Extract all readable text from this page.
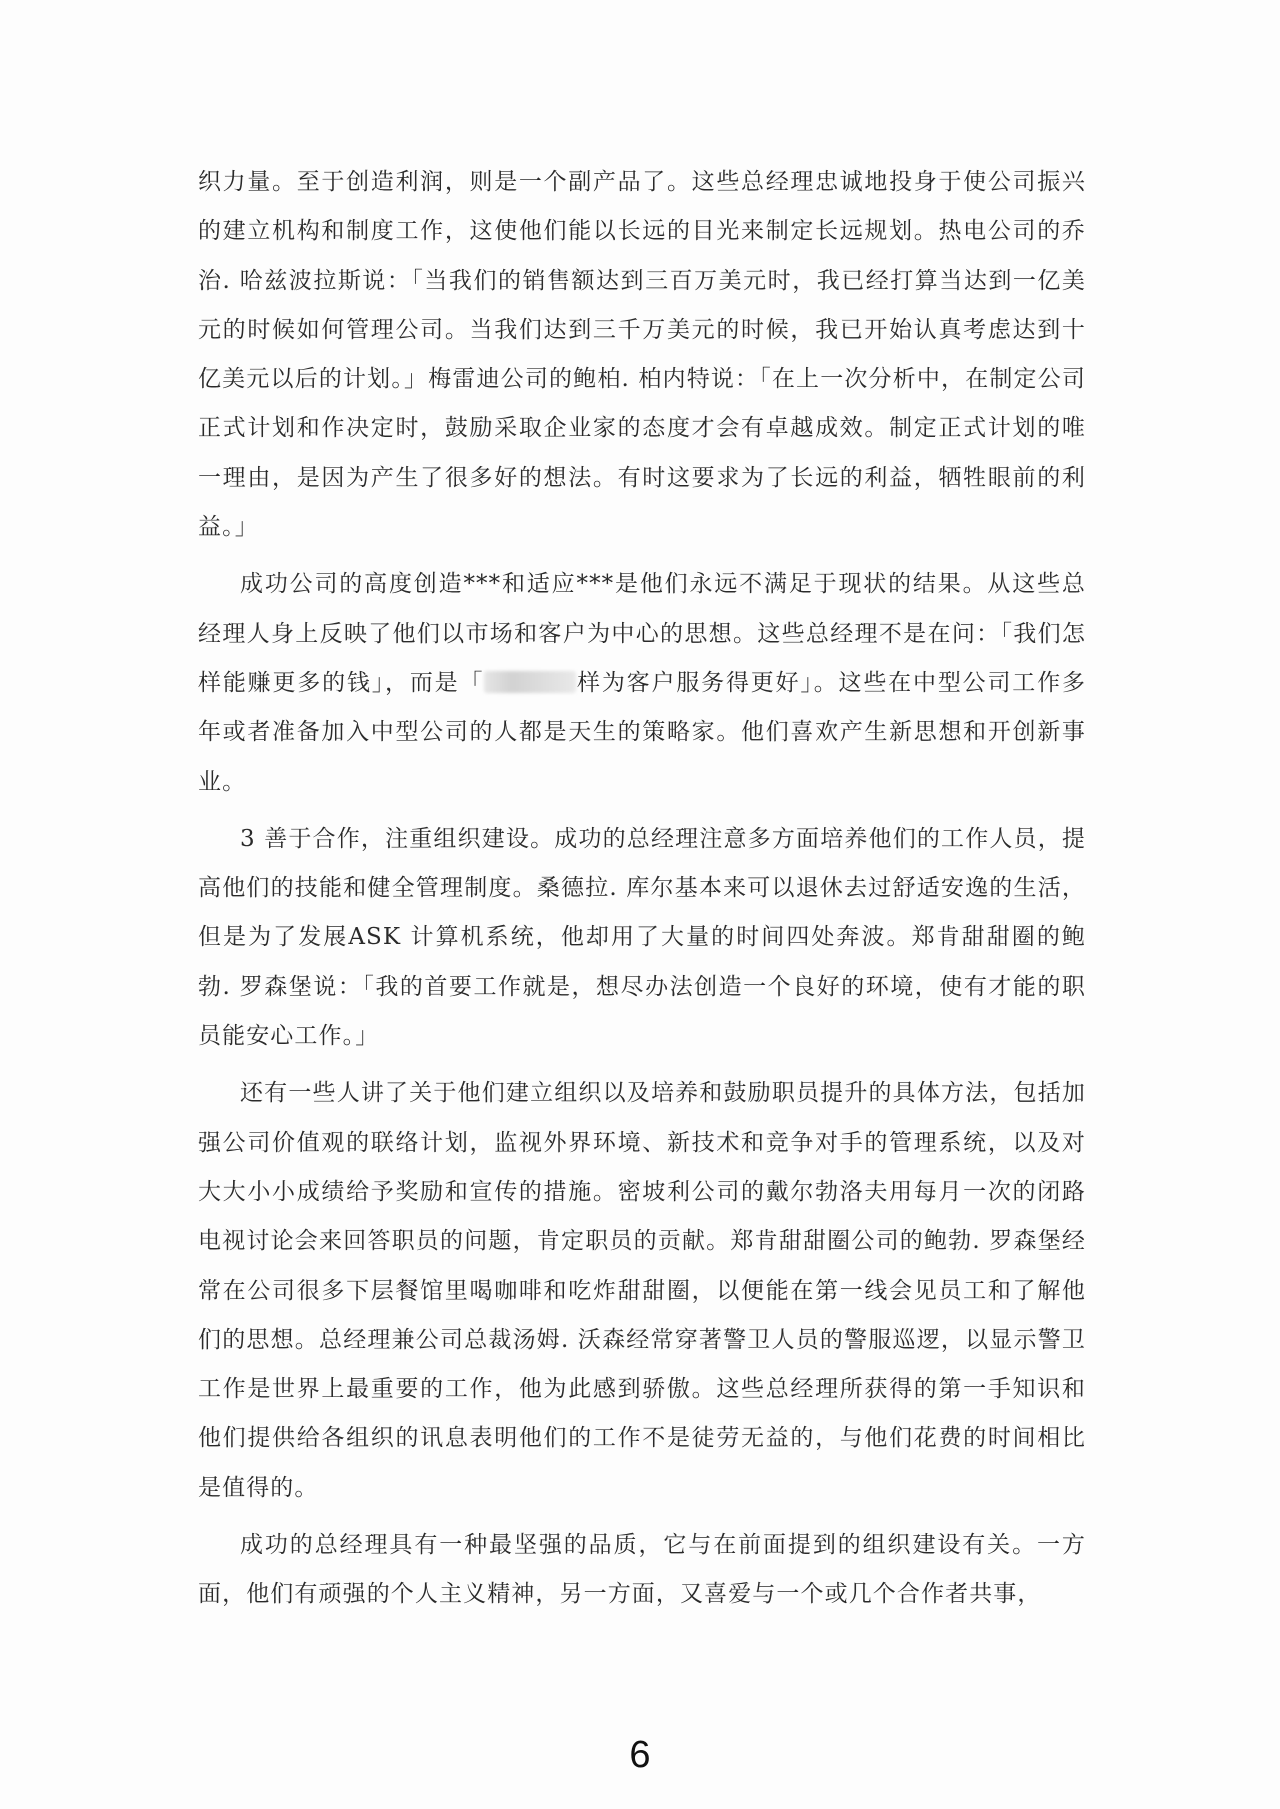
织力量。至于创造利润，则是一个副产品了。这些总经理忠诚地投身于使公司振兴的建立机构和制度工作，这使他们能以长远的目光来制定长远规划。热电公司的乔治. 哈兹波拉斯说：「当我们的销售额达到三百万美元时，我已经打算当达到一亿美元的时候如何管理公司。当我们达到三千万美元的时候，我已开始认真考虑达到十亿美元以后的计划。」梅雷迪公司的鲍柏. 柏内特说：「在上一次分析中，在制定公司正式计划和作决定时，鼓励采取企业家的态度才会有卓越成效。制定正式计划的唯一理由，是因为产生了很多好的想法。有时这要求为了长远的利益，牺牲眼前的利益。」

成功公司的高度创造***和适应***是他们永远不满足于现状的结果。从这些总经理人身上反映了他们以市场和客户为中心的思想。这些总经理不是在问：「我们怎样能赚更多的钱」，而是「	样为客户服务得更好」。这些在中型公司工作多年或者准备加入中型公司的人都是天生的策略家。他们喜欢产生新思想和开创新事业。

3 善于合作，注重组织建设。成功的总经理注意多方面培养他们的工作人员，提高他们的技能和健全管理制度。桑德拉. 库尔基本来可以退休去过舒适安逸的生活，但是为了发展ASK 计算机系统，他却用了大量的时间四处奔波。郑肯甜甜圈的鲍勃. 罗森堡说：「我的首要工作就是，想尽办法创造一个良好的环境，使有才能的职员能安心工作。」

还有一些人讲了关于他们建立组织以及培养和鼓励职员提升的具体方法，包括加强公司价值观的联络计划，监视外界环境、新技术和竞争对手的管理系统，以及对大大小小成绩给予奖励和宣传的措施。密坡利公司的戴尔勃洛夫用每月一次的闭路电视讨论会来回答职员的问题，肯定职员的贡献。郑肯甜甜圈公司的鲍勃. 罗森堡经常在公司很多下层餐馆里喝咖啡和吃炸甜甜圈，以便能在第一线会见员工和了解他们的思想。总经理兼公司总裁汤姆. 沃森经常穿著警卫人员的警服巡逻，以显示警卫工作是世界上最重要的工作，他为此感到骄傲。这些总经理所获得的第一手知识和他们提供给各组织的讯息表明他们的工作不是徒劳无益的，与他们花费的时间相比是值得的。

成功的总经理具有一种最坚强的品质，它与在前面提到的组织建设有关。一方面，他们有顽强的个人主义精神，另一方面，又喜爱与一个或几个合作者共事，

6
